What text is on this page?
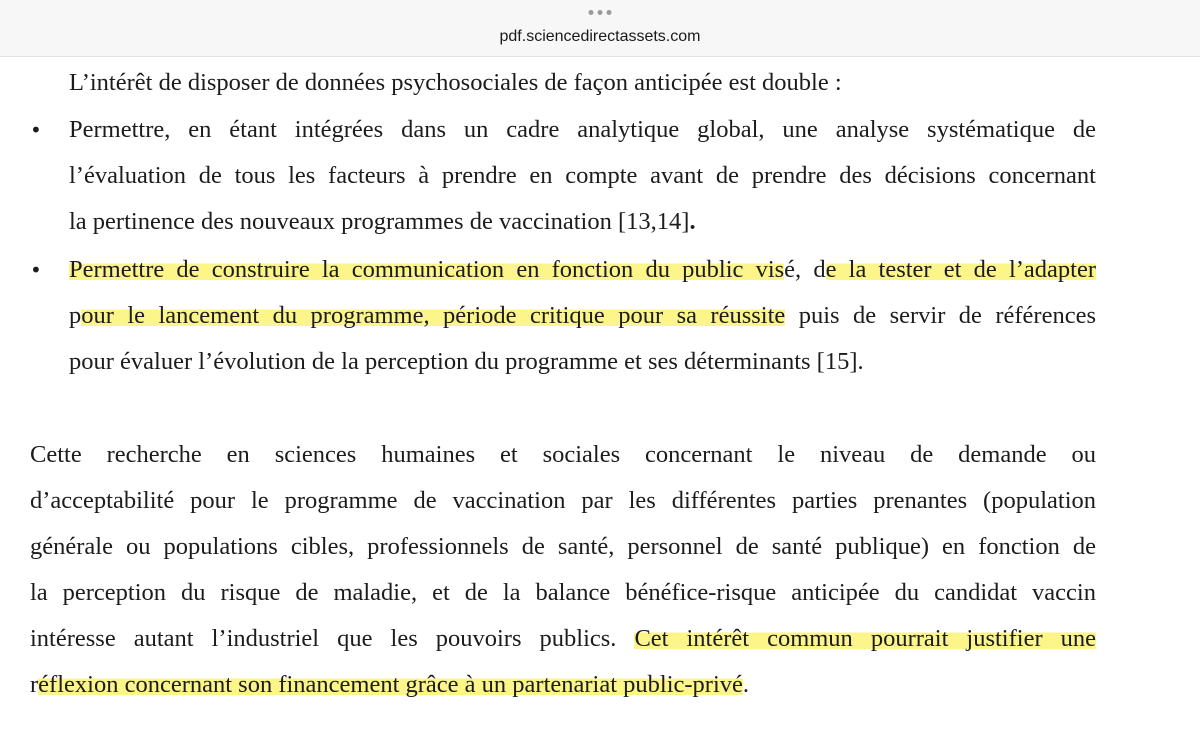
pdf.sciencedirectassets.com
L’intérêt de disposer de données psychosociales de façon anticipée est double :
• Permettre, en étant intégrées dans un cadre analytique global, une analyse systématique de
l’évaluation de tous les facteurs à prendre en compte avant de prendre des décisions concernant
la pertinence des nouveaux programmes de vaccination [13,14].
• Permettre de construire la communication en fonction du public visé, de la tester et de l’adapter
pour le lancement du programme, période critique pour sa réussite puis de servir de références
pour évaluer l’évolution de la perception du programme et ses déterminants [15].
Cette recherche en sciences humaines et sociales concernant le niveau de demande ou
d’acceptabilité pour le programme de vaccination par les différentes parties prenantes (population
générale ou populations cibles, professionnels de santé, personnel de santé publique) en fonction de
la perception du risque de maladie, et de la balance bénéfice-risque anticipée du candidat vaccin
intéresse autant l’industriel que les pouvoirs publics. Cet intérêt commun pourrait justifier une
réflexion concernant son financement grâce à un partenariat public-privé.
